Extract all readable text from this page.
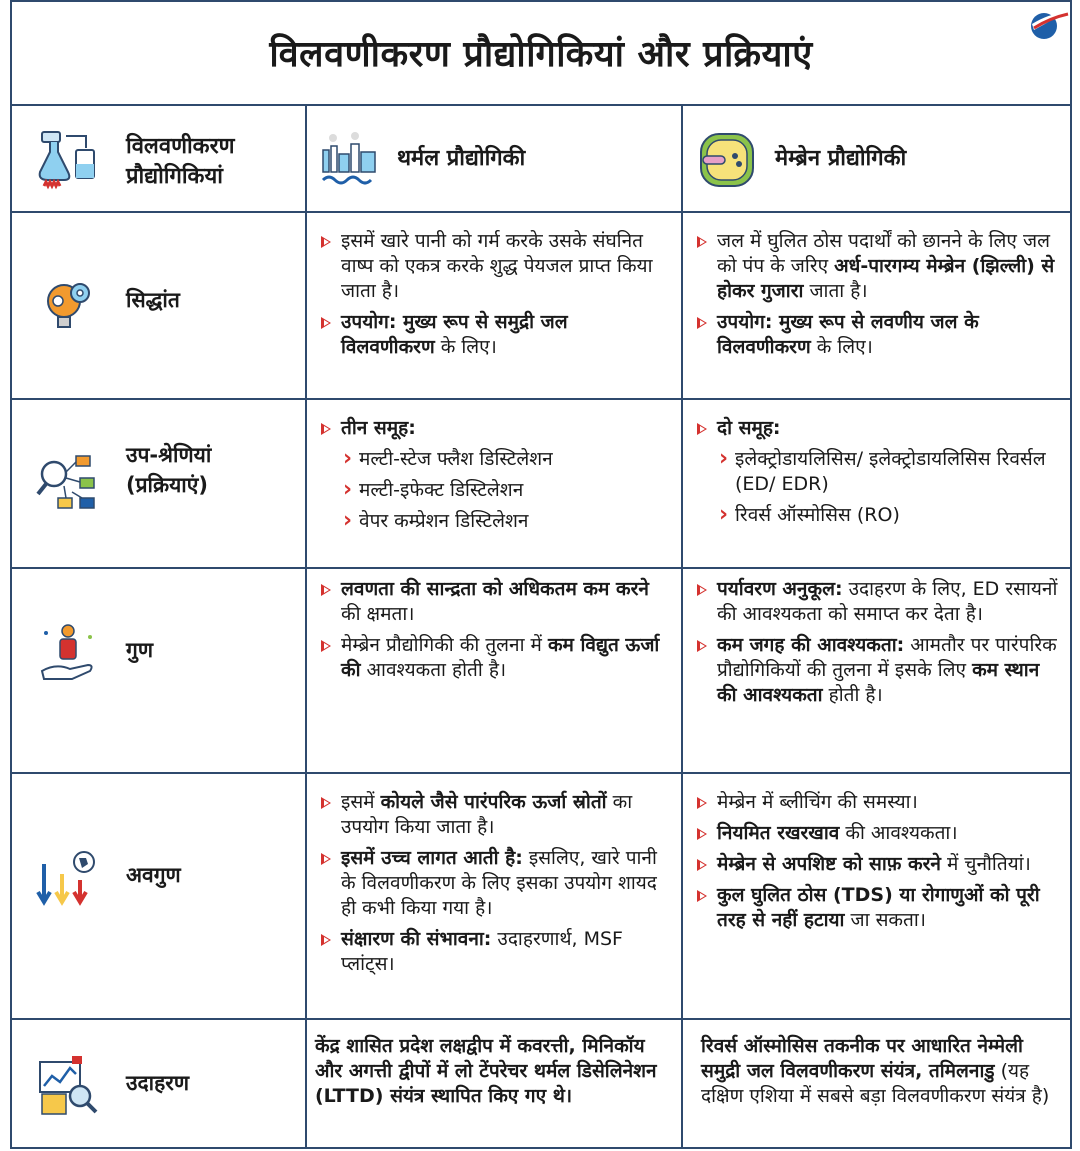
विलवणीकरण प्रौद्योगिकियां और प्रक्रियाएं
विलवणीकरण प्रौद्योगिकियां
थर्मल प्रौद्योगिकी	मेम्ब्रेन प्रौद्योगिकी
सिद्धांत
इसमें खारे पानी को गर्म करके उसके संघनित वाष्प को एकत्र करके शुद्ध पेयजल प्राप्त किया जाता है।
उपयोग: मुख्य रूप से समुद्री जल विलवणीकरण के लिए।
जल में घुलित ठोस पदार्थों को छानने के लिए जल को पंप के जरिए अर्ध-पारगम्य मेम्ब्रेन (झिल्ली) से होकर गुजारा जाता है।
उपयोग: मुख्य रूप से लवणीय जल के विलवणीकरण के लिए।
उप-श्रेणियां (प्रक्रियाएं)
तीन समूह:
› मल्टी-स्टेज फ्लैश डिस्टिलेशन
› मल्टी-इफेक्ट डिस्टिलेशन
› वेपर कम्प्रेशन डिस्टिलेशन
दो समूह:
› इलेक्ट्रोडायलिसिस/ इलेक्ट्रोडायलिसिस रिवर्सल (ED/ EDR)
› रिवर्स ऑस्मोसिस (RO)
गुण
लवणता की सान्द्रता को अधिकतम कम करने की क्षमता।
मेम्ब्रेन प्रौद्योगिकी की तुलना में कम विद्युत ऊर्जा की आवश्यकता होती है।
पर्यावरण अनुकूल: उदाहरण के लिए, ED रसायनों की आवश्यकता को समाप्त कर देता है।
कम जगह की आवश्यकता: आमतौर पर पारंपरिक प्रौद्योगिकियों की तुलना में इसके लिए कम स्थान की आवश्यकता होती है।
अवगुण
इसमें कोयले जैसे पारंपरिक ऊर्जा स्रोतों का उपयोग किया जाता है।
इसमें उच्च लागत आती है: इसलिए, खारे पानी के विलवणीकरण के लिए इसका उपयोग शायद ही कभी किया गया है।
संक्षारण की संभावना: उदाहरणार्थ, MSF प्लांट्स।
मेम्ब्रेन में ब्लीचिंग की समस्या।
नियमित रखरखाव की आवश्यकता।
मेम्ब्रेन से अपशिष्ट को साफ़ करने में चुनौतियां।
कुल घुलित ठोस (TDS) या रोगाणुओं को पूरी तरह से नहीं हटाया जा सकता।
उदाहरण
केंद्र शासित प्रदेश लक्षद्वीप में कवरत्ती, मिनिकॉय और अगत्ती द्वीपों में लो टेंपरेचर थर्मल डिसेलिनेशन (LTTD) संयंत्र स्थापित किए गए थे।
रिवर्स ऑस्मोसिस तकनीक पर आधारित नेम्मेली समुद्री जल विलवणीकरण संयंत्र, तमिलनाडु (यह दक्षिण एशिया में सबसे बड़ा विलवणीकरण संयंत्र है)
